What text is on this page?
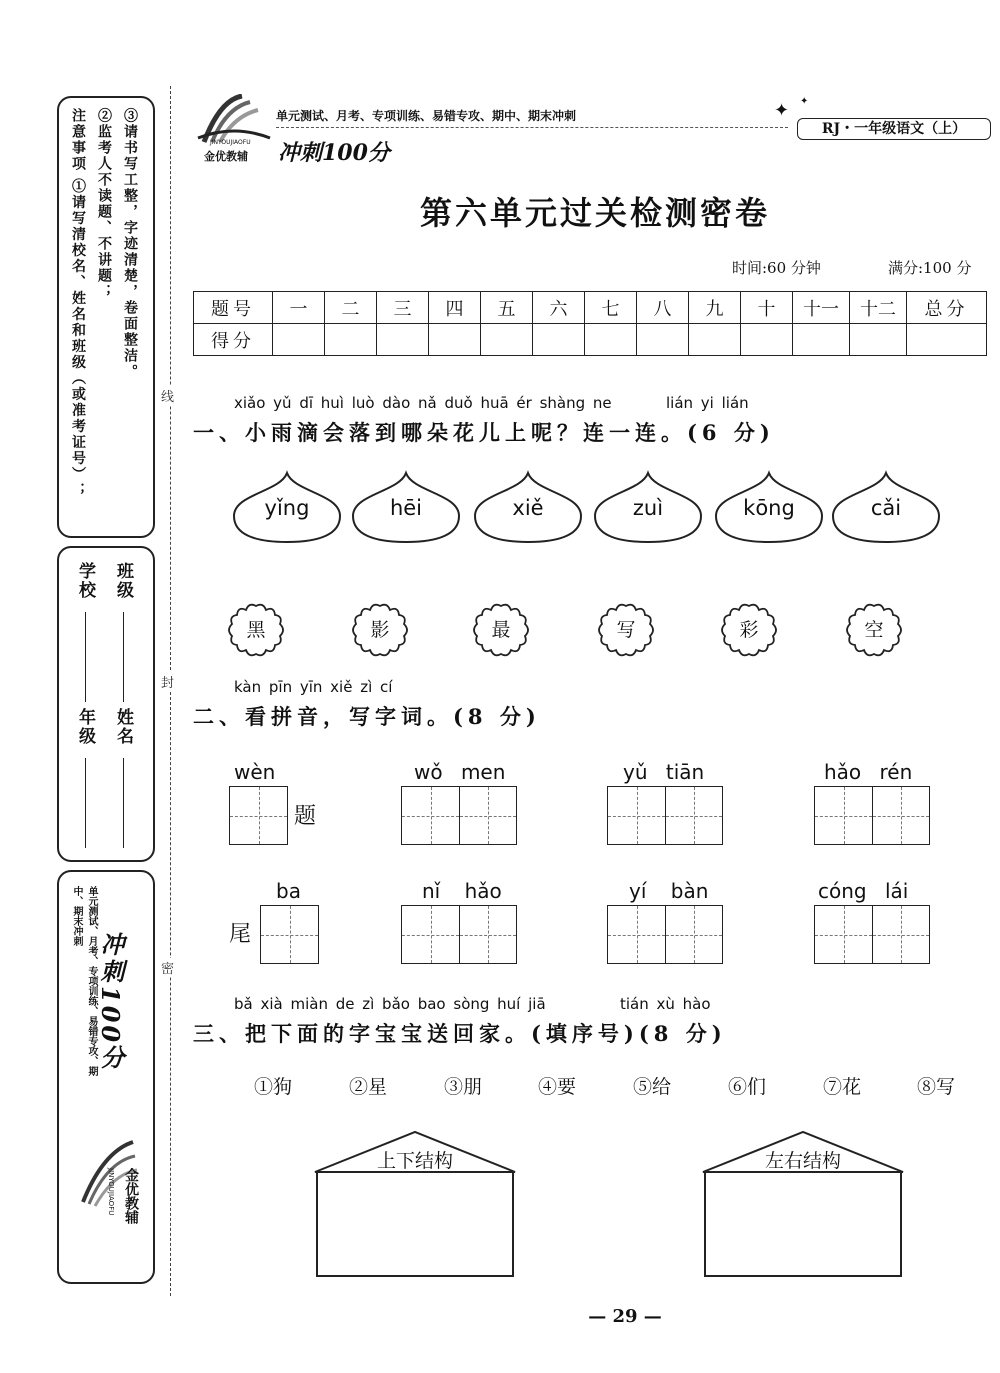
注意事项 ①请写清校名、姓名和班级（或准考证号）； ②监考人不读题、不讲题； ③请书写工整，字迹清楚，卷面整洁。
学校
年级
班级
姓名
单元测试、月考、专项训练、易错专攻、期中、期末冲刺
冲刺100分
金优教辅
JINYOUJIAOFU
线
封
密
JINYOUJIAOFU
金优教辅
单元测试、月考、专项训练、易错专攻、期中、期末冲刺	✦ ✦
RJ・一年级语文（上）
冲刺100分
第六单元过关检测密卷
时间:60 分钟	满分:100 分
题号	一	二	三	四	五	六	七	八	九	十	十一	十二	总分
得分													
xiǎo yǔ dī huì luò dào nǎ duǒ huā ér shàng ne	lián yi lián
一、小雨滴会落到哪朵花儿上呢？连一连。(6 分)
yǐng	hēi	xiě	zuì	kōng	cǎi
黑	影	最	写	彩	空
kàn pīn yīn xiě zì cí
二、看拼音，写字词。(8 分)
wèn
题
wǒ men	yǔ tiān	hǎo rén
ba
尾
nǐ hǎo	yí bàn	cóng lái
bǎ xià miàn de zì bǎo bao sòng huí jiā	tián xù hào
三、把下面的字宝宝送回家。(填序号)(8 分)
①狗	②星	③朋	④要	⑤给	⑥们	⑦花	⑧写
上下结构	左右结构
— 29 —
